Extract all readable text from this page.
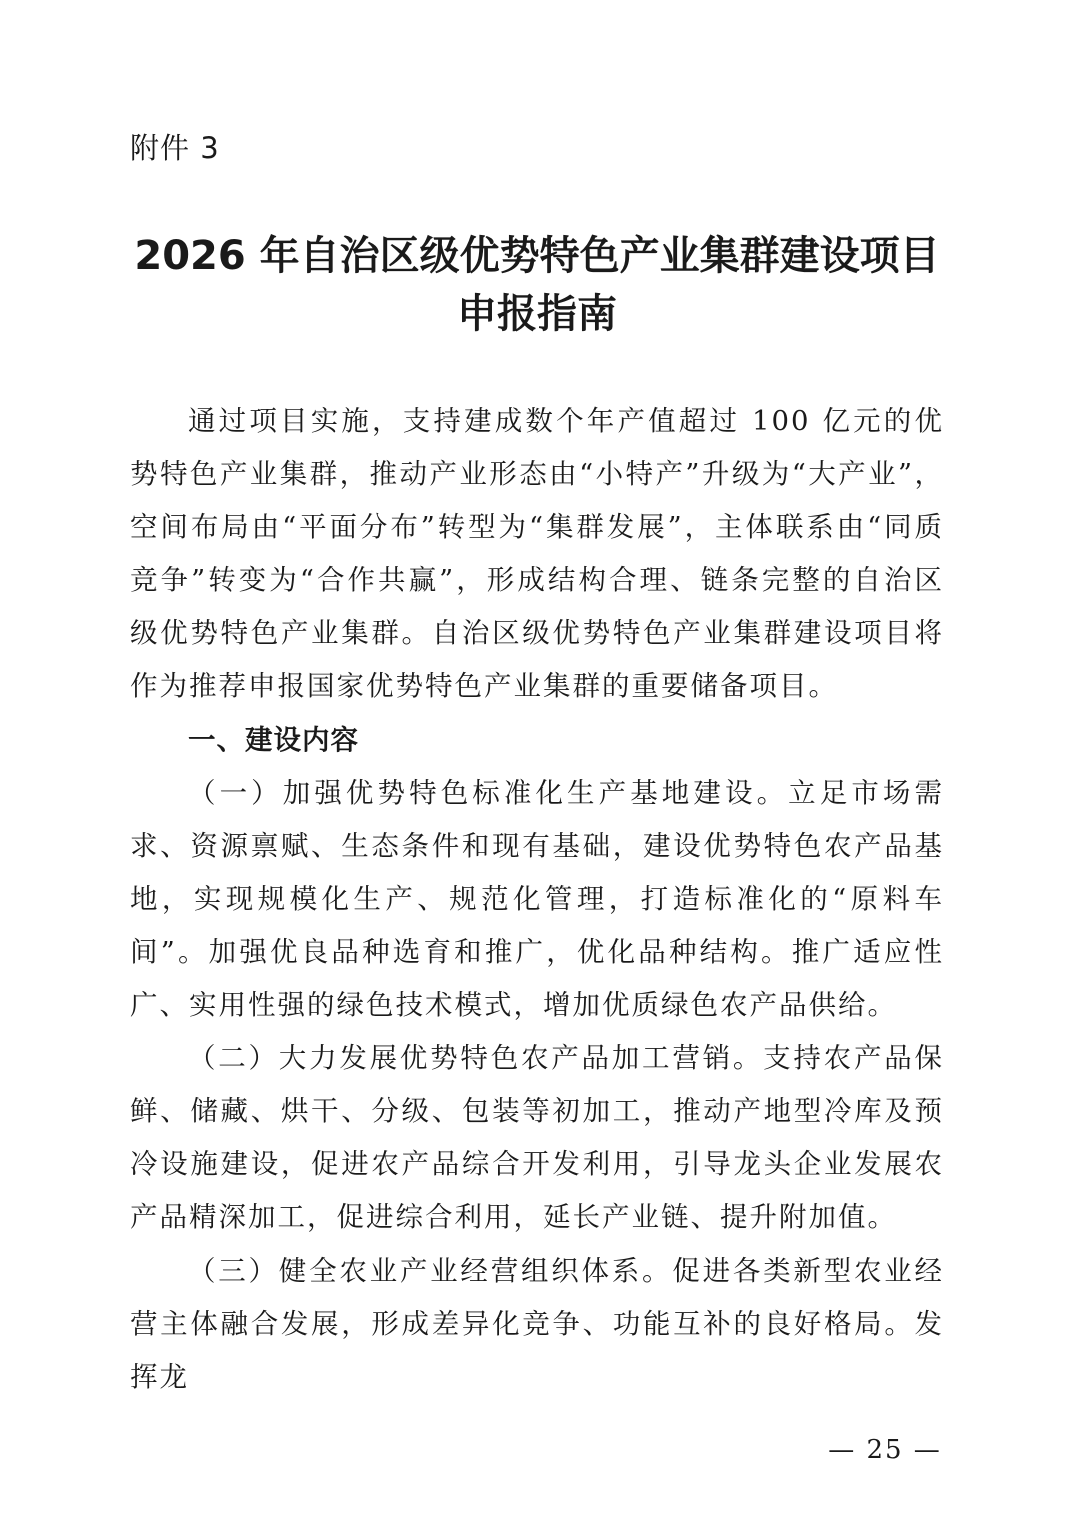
附件 3
2026 年自治区级优势特色产业集群建设项目
申报指南

通过项目实施，支持建成数个年产值超过 100 亿元的优势特色产业集群，推动产业形态由“小特产”升级为“大产业”，空间布局由“平面分布”转型为“集群发展”，主体联系由“同质竞争”转变为“合作共赢”，形成结构合理、链条完整的自治区级优势特色产业集群。自治区级优势特色产业集群建设项目将作为推荐申报国家优势特色产业集群的重要储备项目。

一、建设内容

（一）加强优势特色标准化生产基地建设。立足市场需求、资源禀赋、生态条件和现有基础，建设优势特色农产品基地，实现规模化生产、规范化管理，打造标准化的“原料车间”。加强优良品种选育和推广，优化品种结构。推广适应性广、实用性强的绿色技术模式，增加优质绿色农产品供给。

（二）大力发展优势特色农产品加工营销。支持农产品保鲜、储藏、烘干、分级、包装等初加工，推动产地型冷库及预冷设施建设，促进农产品综合开发利用，引导龙头企业发展农产品精深加工，促进综合利用，延长产业链、提升附加值。

（三）健全农业产业经营组织体系。促进各类新型农业经营主体融合发展，形成差异化竞争、功能互补的良好格局。发挥龙

— 25 —
